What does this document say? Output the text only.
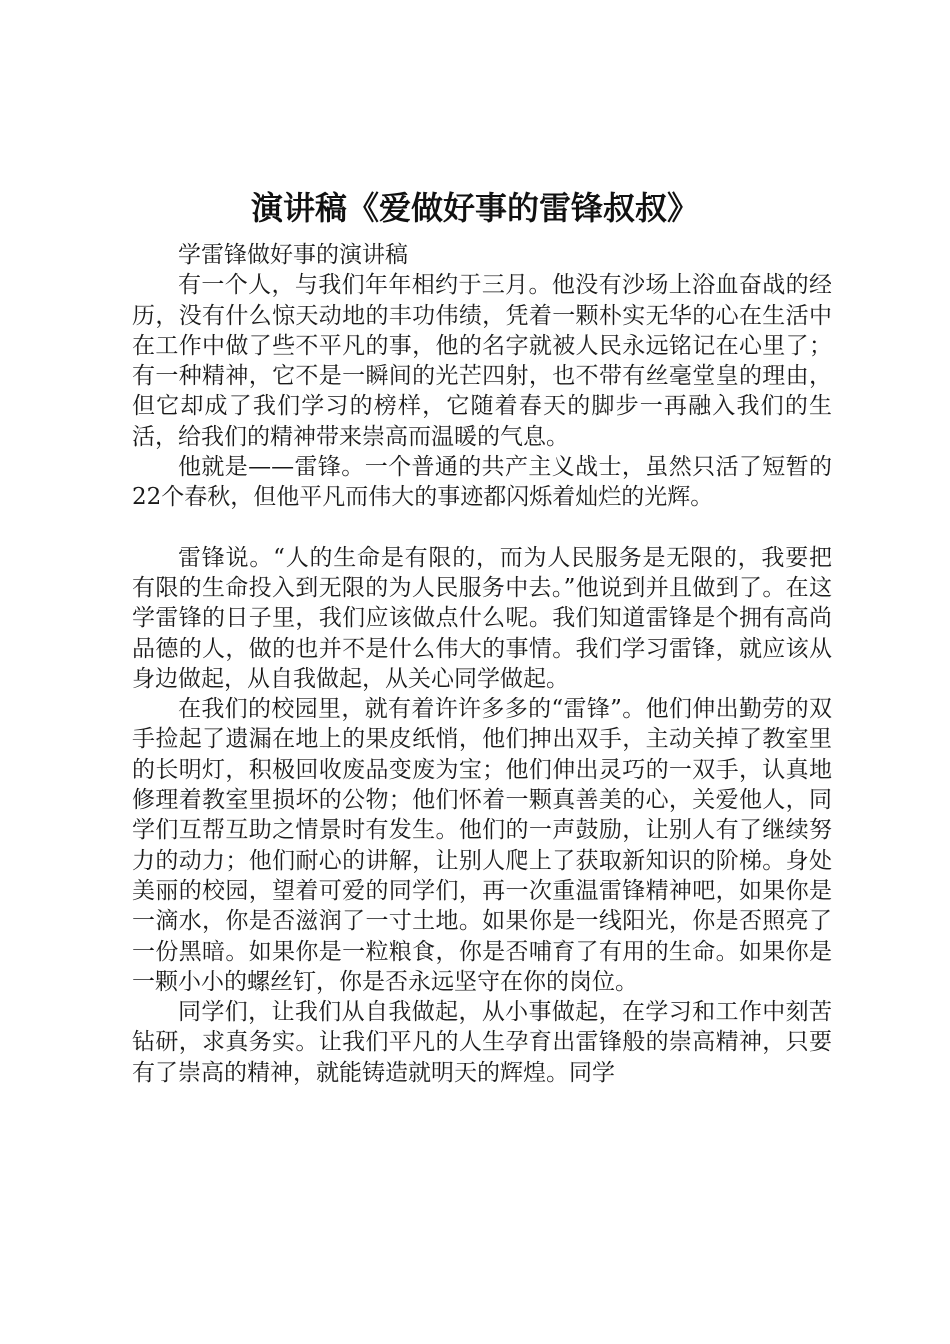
演讲稿《爱做好事的雷锋叔叔》

学雷锋做好事的演讲稿

有一个人，与我们年年相约于三月。他没有沙场上浴血奋战的经历，没有什么惊天动地的丰功伟绩，凭着一颗朴实无华的心在生活中在工作中做了些不平凡的事，他的名字就被人民永远铭记在心里了；有一种精神，它不是一瞬间的光芒四射，也不带有丝毫堂皇的理由，但它却成了我们学习的榜样，它随着春天的脚步一再融入我们的生活，给我们的精神带来崇高而温暖的气息。

他就是——雷锋。一个普通的共产主义战士，虽然只活了短暂的22个春秋，但他平凡而伟大的事迹都闪烁着灿烂的光辉。

雷锋说。“人的生命是有限的，而为人民服务是无限的，我要把有限的生命投入到无限的为人民服务中去。”他说到并且做到了。在这学雷锋的日子里，我们应该做点什么呢。我们知道雷锋是个拥有高尚品德的人，做的也并不是什么伟大的事情。我们学习雷锋，就应该从身边做起，从自我做起，从关心同学做起。

在我们的校园里，就有着许许多多的“雷锋”。他们伸出勤劳的双手捡起了遗漏在地上的果皮纸悄，他们抻出双手，主动关掉了教室里的长明灯，积极回收废品变废为宝；他们伸出灵巧的一双手，认真地修理着教室里损坏的公物；他们怀着一颗真善美的心，关爱他人，同学们互帮互助之情景时有发生。他们的一声鼓励，让别人有了继续努力的动力；他们耐心的讲解，让别人爬上了获取新知识的阶梯。身处美丽的校园，望着可爱的同学们，再一次重温雷锋精神吧，如果你是一滴水，你是否滋润了一寸土地。如果你是一线阳光，你是否照亮了一份黑暗。如果你是一粒粮食，你是否哺育了有用的生命。如果你是一颗小小的螺丝钉，你是否永远坚守在你的岗位。

同学们，让我们从自我做起，从小事做起，在学习和工作中刻苦钻研，求真务实。让我们平凡的人生孕育出雷锋般的崇高精神，只要有了崇高的精神，就能铸造就明天的辉煌。同学
